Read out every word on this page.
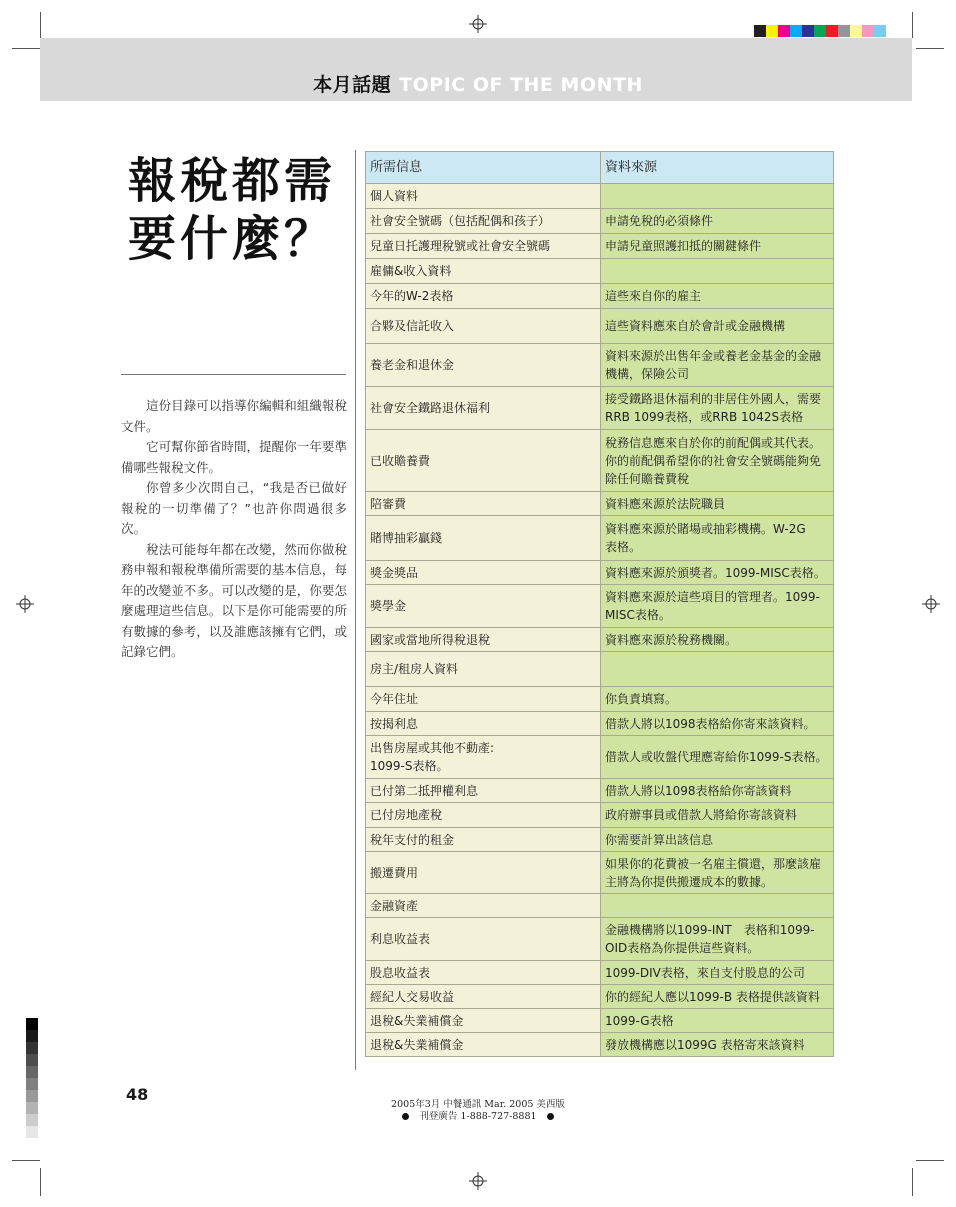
本月話題 TOPIC OF THE MONTH
報稅都需
要什麼？

這份目錄可以指導你編輯和組織報稅文件。

它可幫你節省時間，提醒你一年要準備哪些報稅文件。

你曾多少次問自己，“我是否已做好報稅的一切準備了？”也許你問過很多次。

稅法可能每年都在改變，然而你做稅務申報和報稅準備所需要的基本信息，每年的改變並不多。可以改變的是，你要怎麼處理這些信息。以下是你可能需要的所有數據的參考，以及誰應該擁有它們，或記錄它們。

所需信息	資料來源
個人資料	
社會安全號碼（包括配偶和孩子）	申請免稅的必須條件
兒童日托護理稅號或社會安全號碼	申請兒童照護扣抵的關鍵條件
雇傭&收入資料	
今年的W-2表格	這些來自你的雇主
合夥及信託收入	這些資料應來自於會計或金融機構
養老金和退休金	資料來源於出售年金或養老金基金的金融機構，保險公司
社會安全鐵路退休福利	接受鐵路退休福利的非居住外國人，需要RRB 1099表格，或RRB 1042S表格
已收贍養費	稅務信息應來自於你的前配偶或其代表。你的前配偶希望你的社會安全號碼能夠免除任何贍養費稅
陪審費	資料應來源於法院職員
賭博抽彩贏錢	資料應來源於賭場或抽彩機構。W-2G　表格。
獎金獎品	資料應來源於頒獎者。1099-MISC表格。
獎學金	資料應來源於這些項目的管理者。1099-MISC表格。
國家或當地所得稅退稅	資料應來源於稅務機關。
房主/租房人資料	
今年住址	你負責填寫。
按揭利息	借款人將以1098表格給你寄來該資料。
出售房屋或其他不動產:
1099-S表格。	借款人或收盤代理應寄給你1099-S表格。
已付第二抵押權利息	借款人將以1098表格給你寄該資料
已付房地產稅	政府辦事員或借款人將給你寄該資料
稅年支付的租金	你需要計算出該信息
搬遷費用	如果你的花費被一名雇主償還，那麼該雇主將為你提供搬遷成本的數據。
金融資產	
利息收益表	金融機構將以1099-INT　表格和1099-OID表格為你提供這些資料。
股息收益表	1099-DIV表格，來自支付股息的公司
經紀人交易收益	你的經紀人應以1099-B 表格提供該資料
退稅&失業補償金	1099-G表格
退稅&失業補償金	發放機構應以1099G 表格寄來該資料
48
2005年3月 中餐通訊 Mar. 2005 美西版
刊登廣告 1-888-727-8881
